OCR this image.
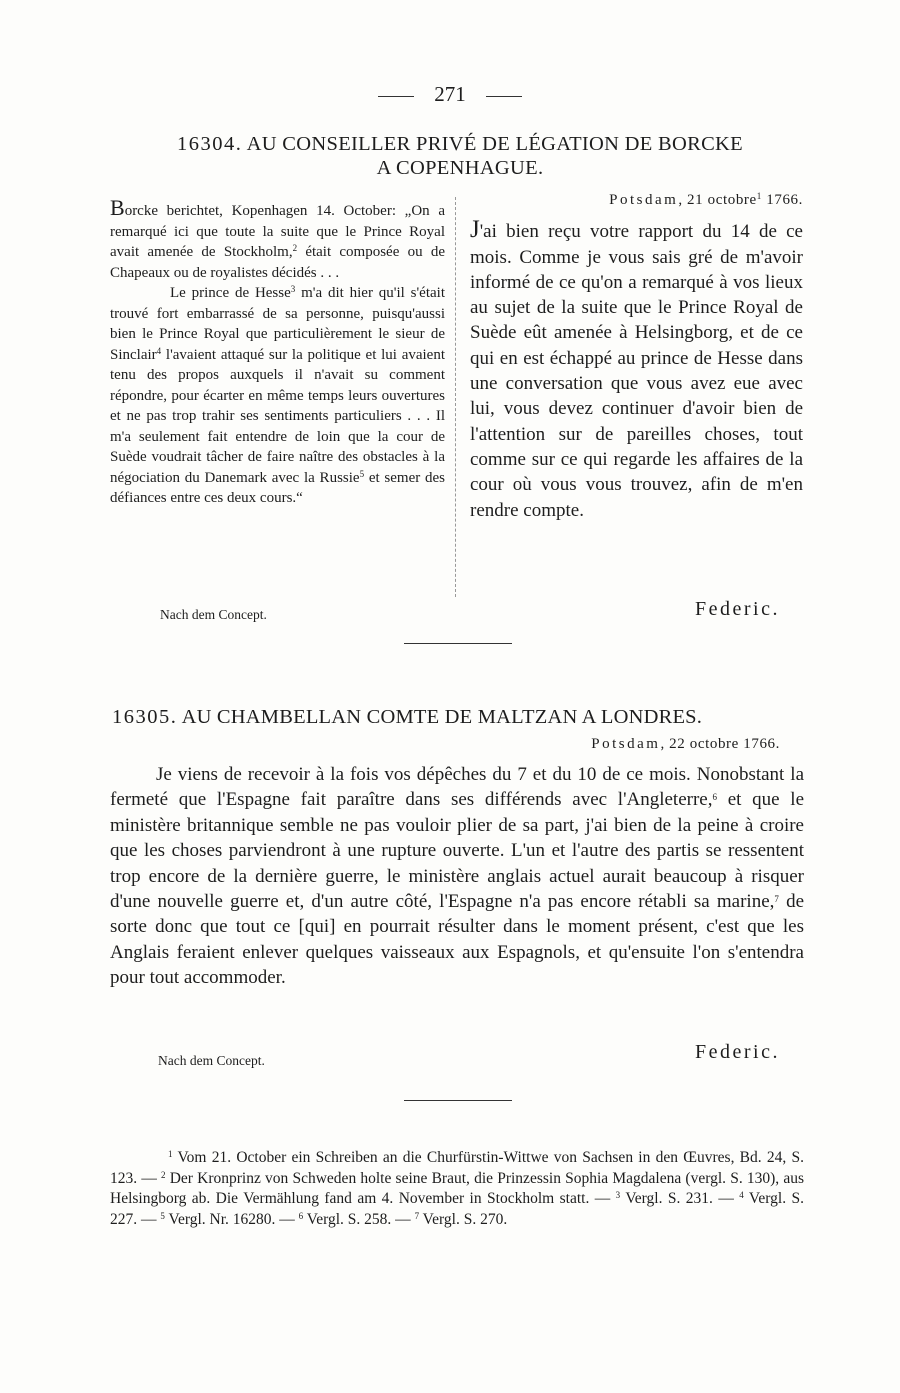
271
16304. AU CONSEILLER PRIVÉ DE LÉGATION DE BORCKE
A COPENHAGUE.

Borcke berichtet, Kopenhagen 14. October: „On a remarqué ici que toute la suite que le Prince Royal avait amenée de Stockholm,$^2$ était composée ou de Chapeaux ou de royalistes décidés . . .

Le prince de Hesse$^3$ m'a dit hier qu'il s'était trouvé fort embarrassé de sa personne, puisqu'aussi bien le Prince Royal que particulièrement le sieur de Sinclair$^4$ l'avaient attaqué sur la politique et lui avaient tenu des propos auxquels il n'avait su comment répondre, pour écarter en même temps leurs ouvertures et ne pas trop trahir ses sentiments particuliers . . . Il m'a seulement fait entendre de loin que la cour de Suède voudrait tâcher de faire naître des obstacles à la négociation du Danemark avec la Russie$^5$ et semer des défiances entre ces deux cours.“

Potsdam, 21 octobre$^1$ 1766.

J'ai bien reçu votre rapport du 14 de ce mois. Comme je vous sais gré de m'avoir informé de ce qu'on a remarqué à vos lieux au sujet de la suite que le Prince Royal de Suède eût amenée à Helsingborg, et de ce qui en est échappé au prince de Hesse dans une conversation que vous avez eue avec lui, vous devez continuer d'avoir bien de l'attention sur de pareilles choses, tout comme sur ce qui regarde les affaires de la cour où vous vous trouvez, afin de m'en rendre compte.

Federic.
Nach dem Concept.
16305. AU CHAMBELLAN COMTE DE MALTZAN A LONDRES.
Potsdam, 22 octobre 1766.

Je viens de recevoir à la fois vos dépêches du 7 et du 10 de ce mois. Nonobstant la fermeté que l'Espagne fait paraître dans ses différends avec l'Angleterre,$^6$ et que le ministère britannique semble ne pas vouloir plier de sa part, j'ai bien de la peine à croire que les choses parviendront à une rupture ouverte. L'un et l'autre des partis se ressentent trop encore de la dernière guerre, le ministère anglais actuel aurait beaucoup à risquer d'une nouvelle guerre et, d'un autre côté, l'Espagne n'a pas encore rétabli sa marine,$^7$ de sorte donc que tout ce [qui] en pourrait résulter dans le moment présent, c'est que les Anglais feraient enlever quelques vaisseaux aux Espagnols, et qu'ensuite l'on s'entendra pour tout accommoder.

Nach dem Concept.	Federic.

$^1$ Vom 21. October ein Schreiben an die Churfürstin-Wittwe von Sachsen in den Œuvres, Bd. 24, S. 123. — $^2$ Der Kronprinz von Schweden holte seine Braut, die Prinzessin Sophia Magdalena (vergl. S. 130), aus Helsingborg ab. Die Vermählung fand am 4. November in Stockholm statt. — $^3$ Vergl. S. 231. — $^4$ Vergl. S. 227. — $^5$ Vergl. Nr. 16280. — $^6$ Vergl. S. 258. — $^7$ Vergl. S. 270.
